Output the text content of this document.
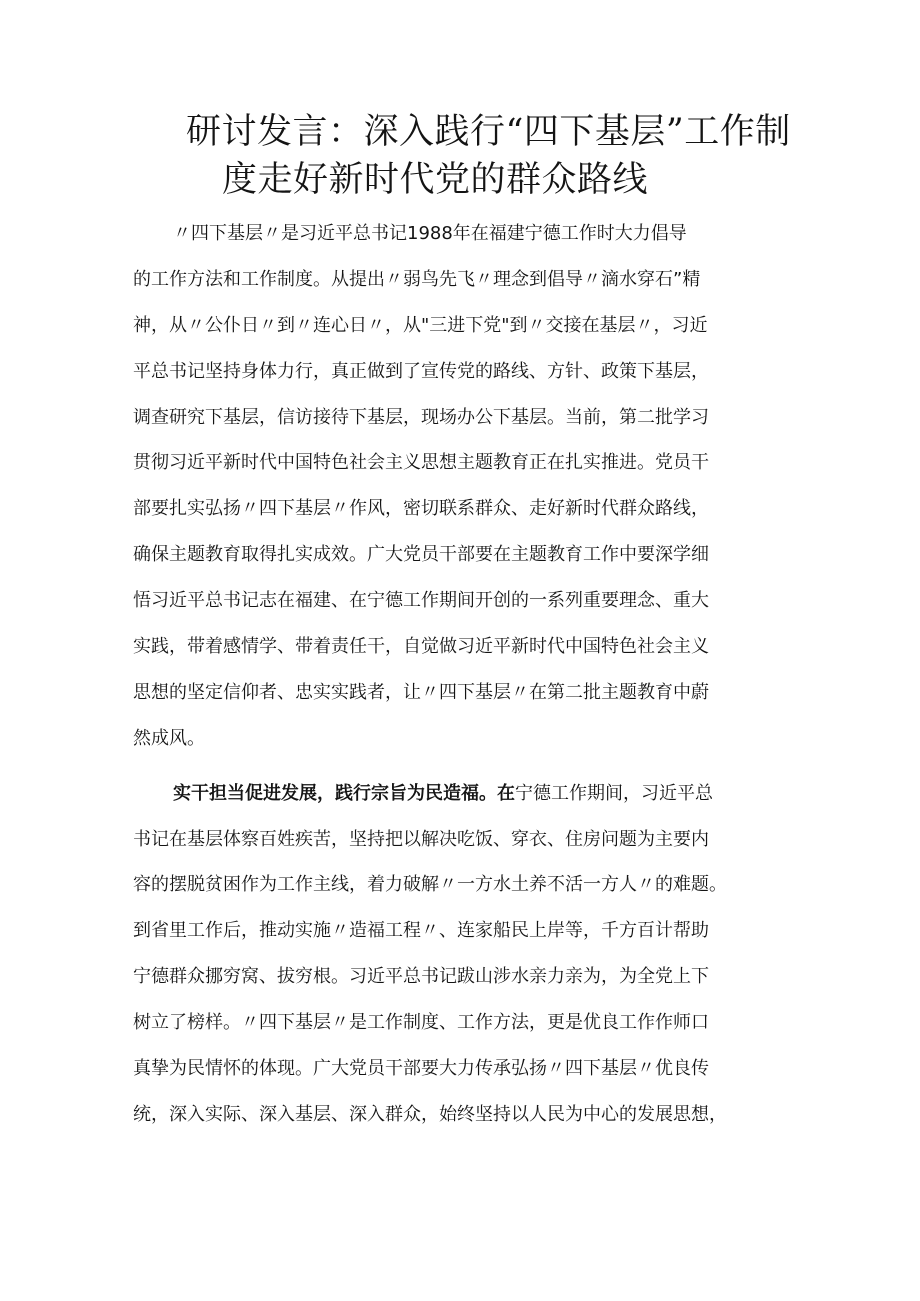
研讨发言：深入践行“四下基层”工作制
度走好新时代党的群众路线
〃四下基层〃是习近平总书记1988年在福建宁德工作时大力倡导
的工作方法和工作制度。从提出〃弱鸟先飞〃理念到倡导〃滴水穿石”精
神，从〃公仆日〃到〃连心日〃，从"三进下党"到〃交接在基层〃，习近
平总书记坚持身体力行，真正做到了宣传党的路线、方针、政策下基层，
调查研究下基层，信访接待下基层，现场办公下基层。当前，第二批学习
贯彻习近平新时代中国特色社会主义思想主题教育正在扎实推进。党员干
部要扎实弘扬〃四下基层〃作风，密切联系群众、走好新时代群众路线，
确保主题教育取得扎实成效。广大党员干部要在主题教育工作中要深学细
悟习近平总书记志在福建、在宁德工作期间开创的一系列重要理念、重大
实践，带着感情学、带着责任干，自觉做习近平新时代中国特色社会主义
思想的坚定信仰者、忠实实践者，让〃四下基层〃在第二批主题教育中蔚
然成风。
实干担当促进发展，践行宗旨为民造福。在宁德工作期间，习近平总
书记在基层体察百姓疾苦，坚持把以解决吃饭、穿衣、住房问题为主要内
容的摆脱贫困作为工作主线，着力破解〃一方水土养不活一方人〃的难题。
到省里工作后，推动实施〃造福工程〃、连家船民上岸等，千方百计帮助
宁德群众挪穷窝、拔穷根。习近平总书记跋山涉水亲力亲为，为全党上下
树立了榜样。〃四下基层〃是工作制度、工作方法，更是优良工作作师口
真挚为民情怀的体现。广大党员干部要大力传承弘扬〃四下基层〃优良传
统，深入实际、深入基层、深入群众，始终坚持以人民为中心的发展思想，
